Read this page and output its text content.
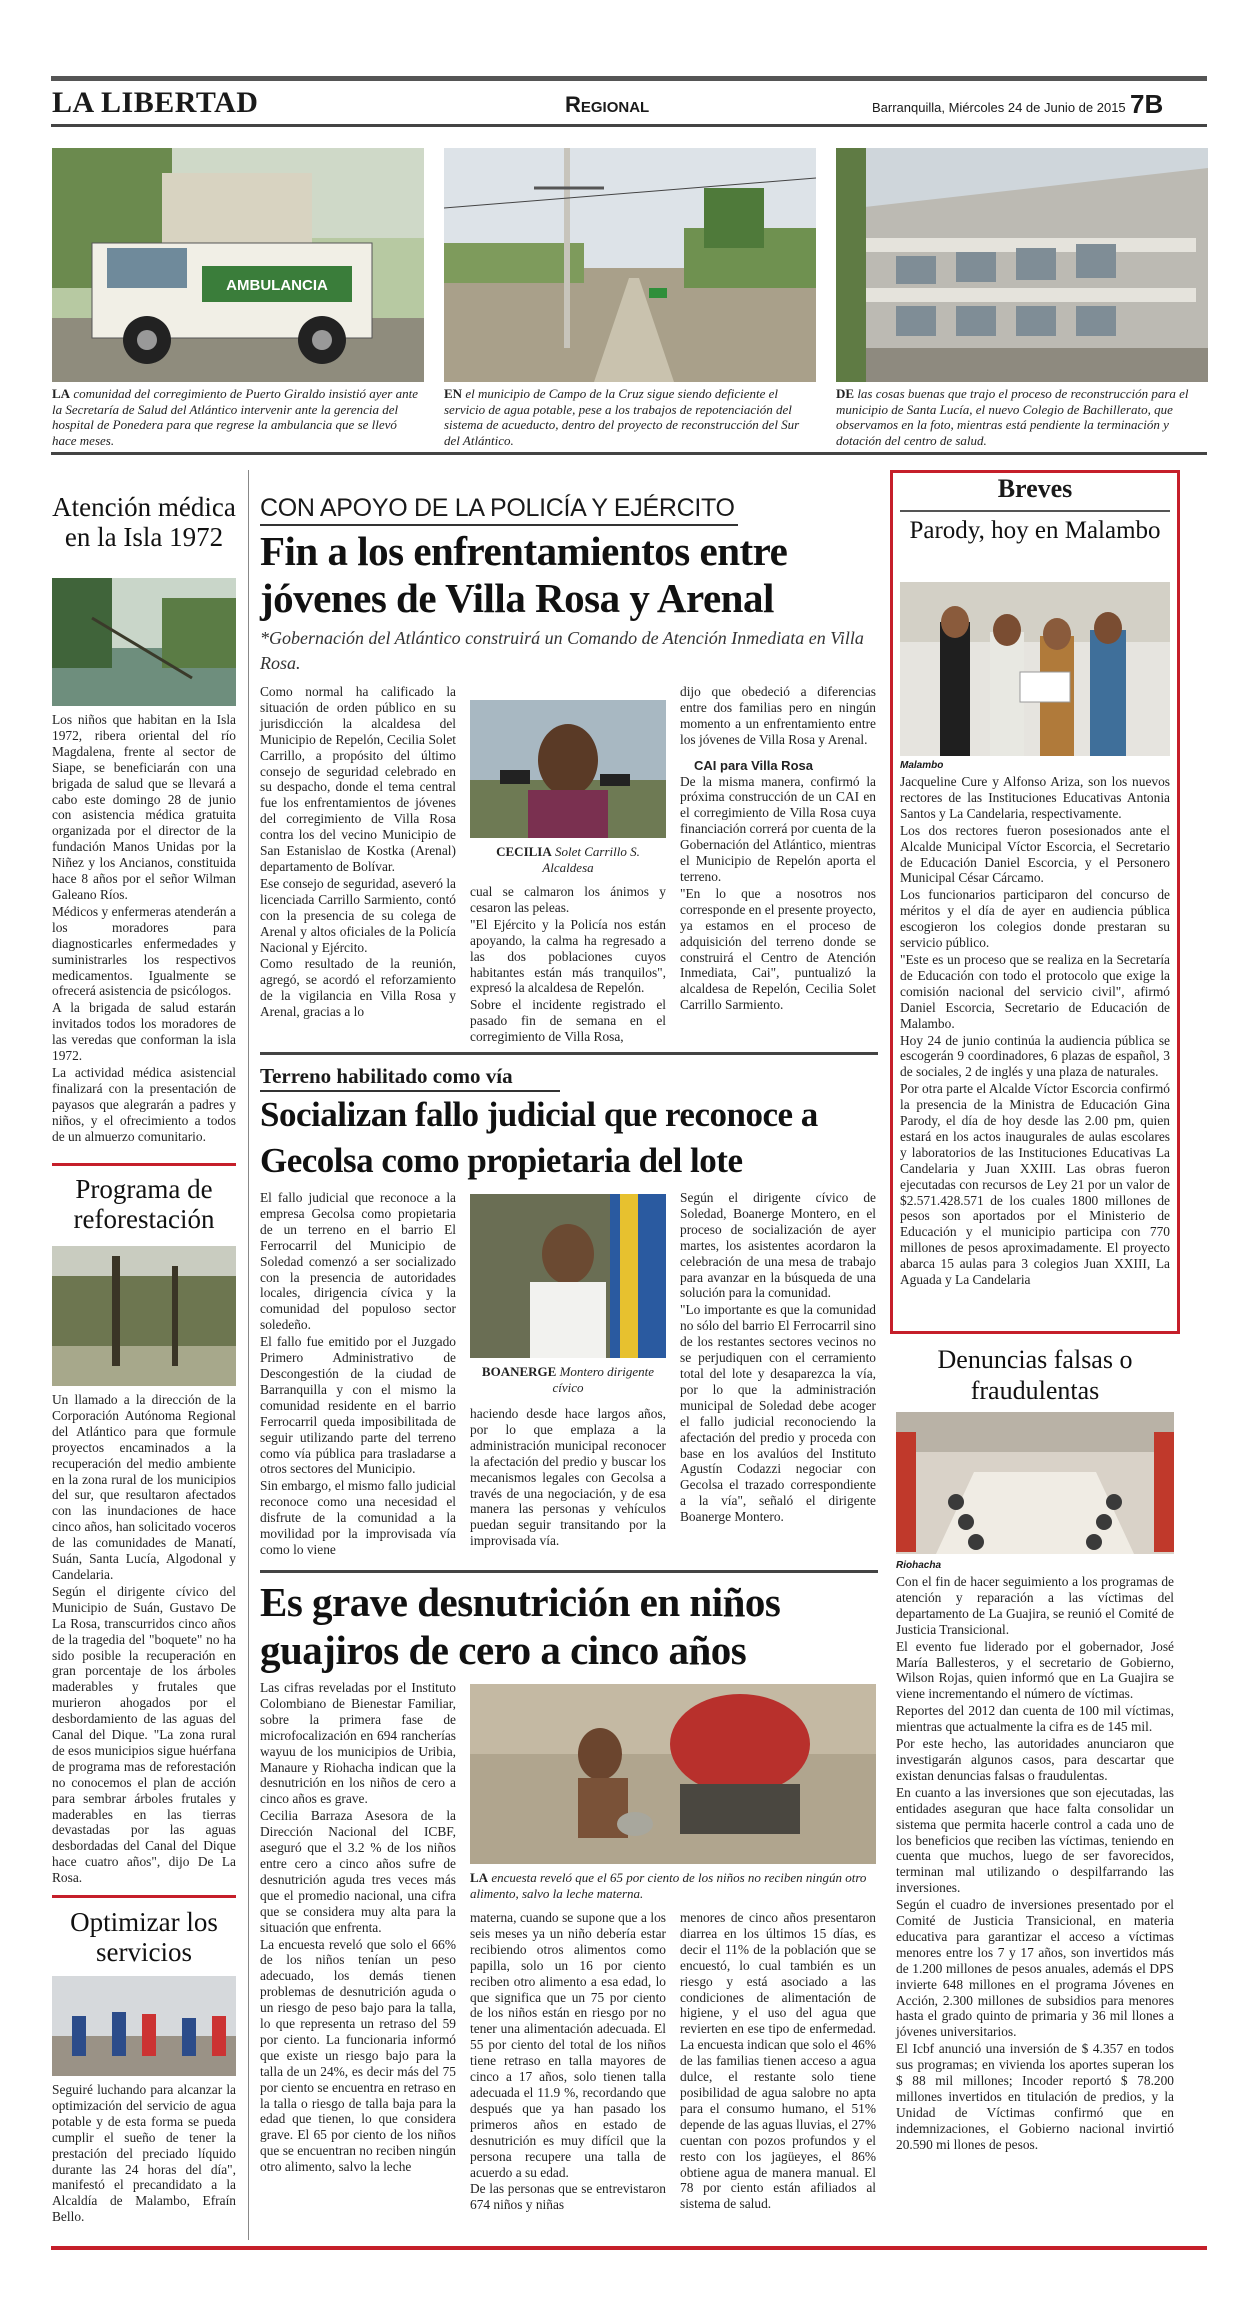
LA LIBERTAD	Regional	Barranquilla, Miércoles 24 de Junio de 2015 7B
AMBULANCIA
LA comunidad del corregimiento de Puerto Giraldo insistió ayer ante la Secretaría de Salud del Atlántico intervenir ante la gerencia del hospital de Ponedera para que regrese la ambulancia que se llevó hace meses.
EN el municipio de Campo de la Cruz sigue siendo deficiente el servicio de agua potable, pese a los trabajos de repotenciación del sistema de acueducto, dentro del proyecto de reconstrucción del Sur del Atlántico.
DE las cosas buenas que trajo el proceso de reconstrucción para el municipio de Santa Lucía, el nuevo Colegio de Bachillerato, que observamos en la foto, mientras está pendiente la terminación y dotación del centro de salud.
Atención médica en la Isla 1972

Los niños que habitan en la Isla 1972, ribera oriental del río Magdalena, frente al sector de Siape, se beneficiarán con una brigada de salud que se llevará a cabo este domingo 28 de junio con asistencia médica gratuita organizada por el director de la fundación Manos Unidas por la Niñez y los Ancianos, constituida hace 8 años por el señor Wilman Galeano Ríos.

Médicos y enfermeras atenderán a los moradores para diagnosticarles enfermedades y suministrarles los respectivos medicamentos. Igualmente se ofrecerá asistencia de psicólogos.

A la brigada de salud estarán invitados todos los moradores de las veredas que conforman la isla 1972.

La actividad médica asistencial finalizará con la presentación de payasos que alegrarán a padres y niños, y el ofrecimiento a todos de un almuerzo comunitario.

Programa de reforestación

Un llamado a la dirección de la Corporación Autónoma Regional del Atlántico para que formule proyectos encaminados a la recuperación del medio ambiente en la zona rural de los municipios del sur, que resultaron afectados con las inundaciones de hace cinco años, han solicitado voceros de las comunidades de Manatí, Suán, Santa Lucía, Algodonal y Candelaria.

Según el dirigente cívico del Municipio de Suán, Gustavo De La Rosa, transcurridos cinco años de la tragedia del "boquete" no ha sido posible la recuperación en gran porcentaje de los árboles maderables y frutales que murieron ahogados por el desbordamiento de las aguas del Canal del Dique. "La zona rural de esos municipios sigue huérfana de programa mas de reforestación no conocemos el plan de acción para sembrar árboles frutales y maderables en las tierras devastadas por las aguas desbordadas del Canal del Dique hace cuatro años", dijo De La Rosa.

Optimizar los servicios

Seguiré luchando para alcanzar la optimización del servicio de agua potable y de esta forma se pueda cumplir el sueño de tener la prestación del preciado líquido durante las 24 horas del día", manifestó el precandidato a la Alcaldía de Malambo, Efraín Bello.

CON APOYO DE LA POLICÍA Y EJÉRCITO
Fin a los enfrentamientos entre jóvenes de Villa Rosa y Arenal
*Gobernación del Atlántico construirá un Comando de Atención Inmediata en Villa Rosa.

Como normal ha calificado la situación de orden público en su jurisdicción la alcaldesa del Municipio de Repelón, Cecilia Solet Carrillo, a propósito del último consejo de seguridad celebrado en su despacho, donde el tema central fue los enfrentamientos de jóvenes del corregimiento de Villa Rosa contra los del vecino Municipio de San Estanislao de Kostka (Arenal) departamento de Bolívar.

Ese consejo de seguridad, aseveró la licenciada Carrillo Sarmiento, contó con la presencia de su colega de Arenal y altos oficiales de la Policía Nacional y Ejército.

Como resultado de la reunión, agregó, se acordó el reforzamiento de la vigilancia en Villa Rosa y Arenal, gracias a lo

CECILIA Solet Carrillo S. Alcaldesa

cual se calmaron los ánimos y cesaron las peleas.

"El Ejército y la Policía nos están apoyando, la calma ha regresado a las dos poblaciones cuyos habitantes están más tranquilos", expresó la alcaldesa de Repelón.

Sobre el incidente registrado el pasado fin de semana en el corregimiento de Villa Rosa,

dijo que obedeció a diferencias entre dos familias pero en ningún momento a un enfrentamiento entre los jóvenes de Villa Rosa y Arenal.

CAI para Villa Rosa

De la misma manera, confirmó la próxima construcción de un CAI en el corregimiento de Villa Rosa cuya financiación correrá por cuenta de la Gobernación del Atlántico, mientras el Municipio de Repelón aporta el terreno.

"En lo que a nosotros nos corresponde en el presente proyecto, ya estamos en el proceso de adquisición del terreno donde se construirá el Centro de Atención Inmediata, Cai", puntualizó la alcaldesa de Repelón, Cecilia Solet Carrillo Sarmiento.

Terreno habilitado como vía
Socializan fallo judicial que reconoce a Gecolsa como propietaria del lote

El fallo judicial que reconoce a la empresa Gecolsa como propietaria de un terreno en el barrio El Ferrocarril del Municipio de Soledad comenzó a ser socializado con la presencia de autoridades locales, dirigencia cívica y la comunidad del populoso sector soledeño.

El fallo fue emitido por el Juzgado Primero Administrativo de Descongestión de la ciudad de Barranquilla y con el mismo la comunidad residente en el barrio Ferrocarril queda imposibilitada de seguir utilizando parte del terreno como vía pública para trasladarse a otros sectores del Municipio.

Sin embargo, el mismo fallo judicial reconoce como una necesidad el disfrute de la comunidad a la movilidad por la improvisada vía como lo viene

BOANERGE Montero dirigente cívico

haciendo desde hace largos años, por lo que emplaza a la administración municipal reconocer la afectación del predio y buscar los mecanismos legales con Gecolsa a través de una negociación, y de esa manera las personas y vehículos puedan seguir transitando por la improvisada vía.

Según el dirigente cívico de Soledad, Boanerge Montero, en el proceso de socialización de ayer martes, los asistentes acordaron la celebración de una mesa de trabajo para avanzar en la búsqueda de una solución para la comunidad.

"Lo importante es que la comunidad no sólo del barrio El Ferrocarril sino de los restantes sectores vecinos no se perjudiquen con el cerramiento total del lote y desaparezca la vía, por lo que la administración municipal de Soledad debe acoger el fallo judicial reconociendo la afectación del predio y proceda con base en los avalúos del Instituto Agustín Codazzi negociar con Gecolsa el trazado correspondiente a la vía", señaló el dirigente Boanerge Montero.

Es grave desnutrición en niños guajiros de cero a cinco años

Las cifras reveladas por el Instituto Colombiano de Bienestar Familiar, sobre la primera fase de microfocalización en 694 rancherías wayuu de los municipios de Uribia, Manaure y Riohacha indican que la desnutrición en los niños de cero a cinco años es grave.

Cecilia Barraza Asesora de la Dirección Nacional del ICBF, aseguró que el 3.2 % de los niños entre cero a cinco años sufre de desnutrición aguda tres veces más que el promedio nacional, una cifra que se considera muy alta para la situación que enfrenta.

La encuesta reveló que solo el 66% de los niños tenían un peso adecuado, los demás tienen problemas de desnutrición aguda o un riesgo de peso bajo para la talla, lo que representa un retraso del 59 por ciento. La funcionaria informó que existe un riesgo bajo para la talla de un 24%, es decir más del 75 por ciento se encuentra en retraso en la talla o riesgo de talla baja para la edad que tienen, lo que considera grave. El 65 por ciento de los niños que se encuentran no reciben ningún otro alimento, salvo la leche

LA encuesta reveló que el 65 por ciento de los niños no reciben ningún otro alimento, salvo la leche materna.

materna, cuando se supone que a los seis meses ya un niño debería estar recibiendo otros alimentos como papilla, solo un 16 por ciento reciben otro alimento a esa edad, lo que significa que un 75 por ciento de los niños están en riesgo por no tener una alimentación adecuada. El 55 por ciento del total de los niños tiene retraso en talla mayores de cinco a 17 años, solo tienen talla adecuada el 11.9 %, recordando que después que ya han pasado los primeros años en estado de desnutrición es muy difícil que la persona recupere una talla de acuerdo a su edad.

De las personas que se entrevistaron 674 niños y niñas

menores de cinco años presentaron diarrea en los últimos 15 días, es decir el 11% de la población que se encuestó, lo cual también es un riesgo y está asociado a las condiciones de alimentación de higiene, y el uso del agua que revierten en ese tipo de enfermedad. La encuesta indican que solo el 46% de las familias tienen acceso a agua dulce, el restante solo tiene posibilidad de agua salobre no apta para el consumo humano, el 51% depende de las aguas lluvias, el 27% cuentan con pozos profundos y el resto con los jagüeyes, el 86% obtiene agua de manera manual. El 78 por ciento están afiliados al sistema de salud.

Breves
Parody, hoy en Malambo
Malambo

Jacqueline Cure y Alfonso Ariza, son los nuevos rectores de las Instituciones Educativas Antonia Santos y La Candelaria, respectivamente.

Los dos rectores fueron posesionados ante el Alcalde Municipal Víctor Escorcia, el Secretario de Educación Daniel Escorcia, y el Personero Municipal César Cárcamo.

Los funcionarios participaron del concurso de méritos y el día de ayer en audiencia pública escogieron los colegios donde prestaran su servicio público.

"Este es un proceso que se realiza en la Secretaría de Educación con todo el protocolo que exige la comisión nacional del servicio civil", afirmó Daniel Escorcia, Secretario de Educación de Malambo.

Hoy 24 de junio continúa la audiencia pública se escogerán 9 coordinadores, 6 plazas de español, 3 de sociales, 2 de inglés y una plaza de naturales.

Por otra parte el Alcalde Víctor Escorcia confirmó la presencia de la Ministra de Educación Gina Parody, el día de hoy desde las 2.00 pm, quien estará en los actos inaugurales de aulas escolares y laboratorios de las Instituciones Educativas La Candelaria y Juan XXIII. Las obras fueron ejecutadas con recursos de Ley 21 por un valor de $2.571.428.571 de los cuales 1800 millones de pesos son aportados por el Ministerio de Educación y el municipio participa con 770 millones de pesos aproximadamente. El proyecto abarca 15 aulas para 3 colegios Juan XXIII, La Aguada y La Candelaria

Denuncias falsas o fraudulentas
Riohacha

Con el fin de hacer seguimiento a los programas de atención y reparación a las víctimas del departamento de La Guajira, se reunió el Comité de Justicia Transicional.

El evento fue liderado por el gobernador, José María Ballesteros, y el secretario de Gobierno, Wilson Rojas, quien informó que en La Guajira se viene incrementando el número de víctimas.

Reportes del 2012 dan cuenta de 100 mil víctimas, mientras que actualmente la cifra es de 145 mil.

Por este hecho, las autoridades anunciaron que investigarán algunos casos, para descartar que existan denuncias falsas o fraudulentas.

En cuanto a las inversiones que son ejecutadas, las entidades aseguran que hace falta consolidar un sistema que permita hacerle control a cada uno de los beneficios que reciben las víctimas, teniendo en cuenta que muchos, luego de ser favorecidos, terminan mal utilizando o despilfarrando las inversiones.

Según el cuadro de inversiones presentado por el Comité de Justicia Transicional, en materia educativa para garantizar el acceso a víctimas menores entre los 7 y 17 años, son invertidos más de 1.200 millones de pesos anuales, además el DPS invierte 648 millones en el programa Jóvenes en Acción, 2.300 millones de subsidios para menores hasta el grado quinto de primaria y 36 mil llones a jóvenes universitarios.

El Icbf anunció una inversión de $ 4.357 en todos sus programas; en vivienda los aportes superan los $ 88 mil millones; Incoder reportó $ 78.200 millones invertidos en titulación de predios, y la Unidad de Víctimas confirmó que en indemnizaciones, el Gobierno nacional invirtió 20.590 mi llones de pesos.
